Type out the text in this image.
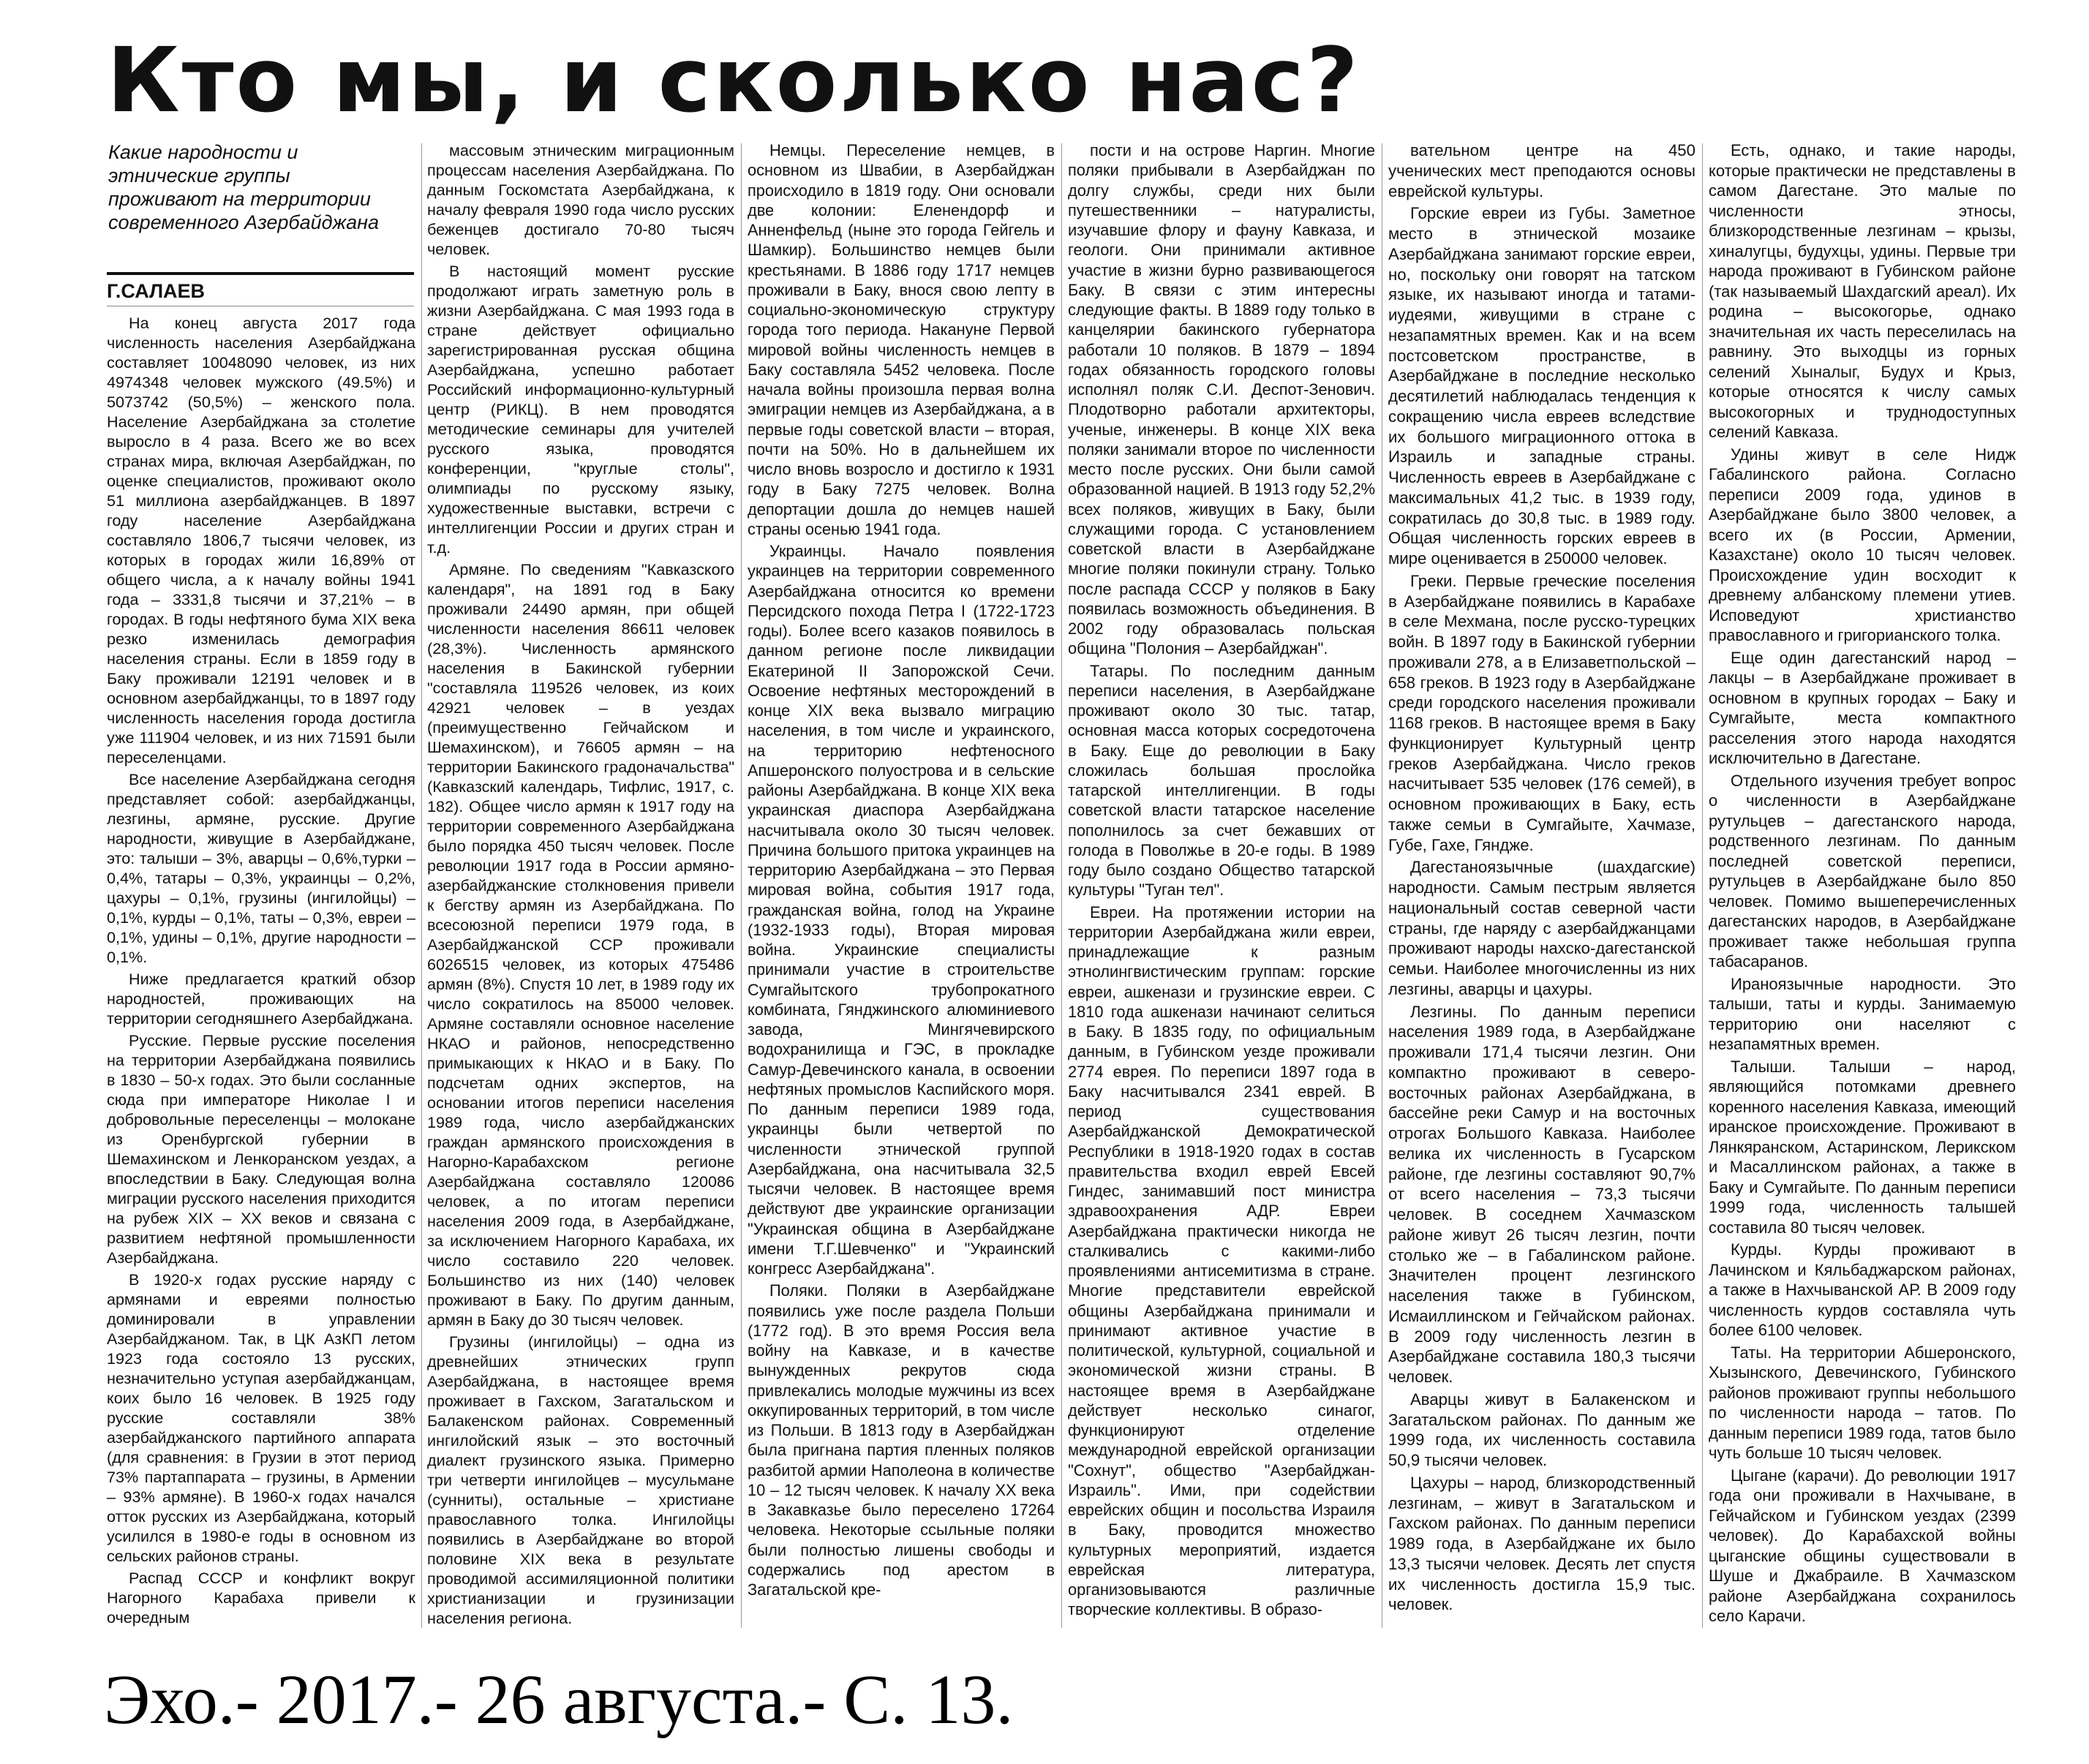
Кто мы, и сколько нас?

Какие народности и

этнические группы

проживают на территории

современного Азербайджана

Г.САЛАЕВ

На конец августа 2017 года численность населения Азербайджана составляет 10048090 человек, из них 4974348 человек мужского (49.5%) и 5073742 (50,5%) – женского пола. Население Азербайджана за столетие выросло в 4 раза. Всего же во всех странах мира, включая Азербайджан, по оценке специалистов, проживают около 51 миллиона азербайджанцев. В 1897 году население Азербайджана составляло 1806,7 тысячи человек, из которых в городах жили 16,89% от общего числа, а к началу войны 1941 года – 3331,8 тысячи и 37,21% – в городах. В годы нефтяного бума XIX века резко изменилась демография населения страны. Если в 1859 году в Баку проживали 12191 человек и в основном азербайджанцы, то в 1897 году численность населения города достигла уже 111904 человек, и из них 71591 были переселенцами.

Все население Азербайджана сегодня представляет собой: азербайджанцы, лезгины, армяне, русские. Другие народности, живущие в Азербайджане, это: талыши – 3%, аварцы – 0,6%,турки – 0,4%, татары – 0,3%, украинцы – 0,2%, цахуры – 0,1%, грузины (ингилойцы) – 0,1%, курды – 0,1%, таты – 0,3%, евреи – 0,1%, удины – 0,1%, другие народности – 0,1%.

Ниже предлагается краткий обзор народностей, проживающих на территории сегодняшнего Азербайджана.

Русские. Первые русские поселения на территории Азербайджана появились в 1830 – 50-х годах. Это были сосланные сюда при императоре Николае I и добровольные переселенцы – молокане из Оренбургской губернии в Шемахинском и Ленкоранском уездах, а впоследствии в Баку. Следующая волна миграции русского населения приходится на рубеж XIX – XX веков и связана с развитием нефтяной промышленности Азербайджана.

В 1920-х годах русские наряду с армянами и евреями полностью доминировали в управлении Азербайджаном. Так, в ЦК АзКП летом 1923 года состояло 13 русских, незначительно уступая азербайджанцам, коих было 16 человек. В 1925 году русские составляли 38% азербайджанского партийного аппарата (для сравнения: в Грузии в этот период 73% партаппарата – грузины, в Армении – 93% армяне). В 1960-х годах начался отток русских из Азербайджана, который усилился в 1980-е годы в основном из сельских районов страны.

Распад СССР и конфликт вокруг Нагорного Карабаха привели к очередным

массовым этническим миграционным процессам населения Азербайджана. По данным Госкомстата Азербайджана, к началу февраля 1990 года число русских беженцев достигало 70-80 тысяч человек.

В настоящий момент русские продолжают играть заметную роль в жизни Азербайджана. С мая 1993 года в стране действует официально зарегистрированная русская община Азербайджана, успешно работает Российский информационно-культурный центр (РИКЦ). В нем проводятся методические семинары для учителей русского языка, проводятся конференции, "круглые столы", олимпиады по русскому языку, художественные выставки, встречи с интеллигенции России и других стран и т.д.

Армяне. По сведениям "Кавказского календаря", на 1891 год в Баку проживали 24490 армян, при общей численности населения 86611 человек (28,3%). Численность армянского населения в Бакинской губернии "составляла 119526 человек, из коих 42921 человек – в уездах (преимущественно Гейчайском и Шемахинском), и 76605 армян – на территории Бакинского градоначальства" (Кавказский календарь, Тифлис, 1917, с. 182). Общее число армян к 1917 году на территории современного Азербайджана было порядка 450 тысяч человек. После революции 1917 года в России армяно-азербайджанские столкновения привели к бегству армян из Азербайджана. По всесоюзной переписи 1979 года, в Азербайджанской ССР проживали 6026515 человек, из которых 475486 армян (8%). Спустя 10 лет, в 1989 году их число сократилось на 85000 человек. Армяне составляли основное население НКАО и районов, непосредственно примыкающих к НКАО и в Баку. По подсчетам одних экспертов, на основании итогов переписи населения 1989 года, число азербайджанских граждан армянского происхождения в Нагорно-Карабахском регионе Азербайджана составляло 120086 человек, а по итогам переписи населения 2009 года, в Азербайджане, за исключением Нагорного Карабаха, их число составило 220 человек. Большинство из них (140) человек проживают в Баку. По другим данным, армян в Баку до 30 тысяч человек.

Грузины (ингилойцы) – одна из древнейших этнических групп Азербайджана, в настоящее время проживает в Гахском, Загатальском и Балакенском районах. Современный ингилойский язык – это восточный диалект грузинского языка. Примерно три четверти ингилойцев – мусульмане (сунниты), остальные – христиане православного толка. Ингилойцы появились в Азербайджане во второй половине XIX века в результате проводимой ассимиляционной политики христианизации и грузинизации населения региона.

Немцы. Переселение немцев, в основном из Швабии, в Азербайджан происходило в 1819 году. Они основали две колонии: Еленендорф и Анненфельд (ныне это города Гейгель и Шамкир). Большинство немцев были крестьянами. В 1886 году 1717 немцев проживали в Баку, внося свою лепту в социально-экономическую структуру города того периода. Накануне Первой мировой войны численность немцев в Баку составляла 5452 человека. После начала войны произошла первая волна эмиграции немцев из Азербайджана, а в первые годы советской власти – вторая, почти на 50%. Но в дальнейшем их число вновь возросло и достигло к 1931 году в Баку 7275 человек. Волна депортации дошла до немцев нашей страны осенью 1941 года.

Украинцы. Начало появления украинцев на территории современного Азербайджана относится ко времени Персидского похода Петра I (1722-1723 годы). Более всего казаков появилось в данном регионе после ликвидации Екатериной II Запорожской Сечи. Освоение нефтяных месторождений в конце XIX века вызвало миграцию населения, в том числе и украинского, на территорию нефтеносного Апшеронского полуострова и в сельские районы Азербайджана. В конце XIX века украинская диаспора Азербайджана насчитывала около 30 тысяч человек. Причина большого притока украинцев на территорию Азербайджана – это Первая мировая война, события 1917 года, гражданская война, голод на Украине (1932-1933 годы), Вторая мировая война. Украинские специалисты принимали участие в строительстве Сумгайытского трубопрокатного комбината, Гянджинского алюминиевого завода, Мингячевирского водохранилища и ГЭС, в прокладке Самур-Девечинского канала, в освоении нефтяных промыслов Каспийского моря. По данным переписи 1989 года, украинцы были четвертой по численности этнической группой Азербайджана, она насчитывала 32,5 тысячи человек. В настоящее время действуют две украинские организации "Украинская община в Азербайджане имени Т.Г.Шевченко" и "Украинский конгресс Азербайджана".

Поляки. Поляки в Азербайджане появились уже после раздела Польши (1772 год). В это время Россия вела войну на Кавказе, и в качестве вынужденных рекрутов сюда привлекались молодые мужчины из всех оккупированных территорий, в том числе из Польши. В 1813 году в Азербайджан была пригнана партия пленных поляков разбитой армии Наполеона в количестве 10 – 12 тысяч человек. К началу XX века в Закавказье было переселено 17264 человека. Некоторые ссыльные поляки были полностью лишены свободы и содержались под арестом в Загатальской кре-

пости и на острове Наргин. Многие поляки прибывали в Азербайджан по долгу службы, среди них были путешественники – натуралисты, изучавшие флору и фауну Кавказа, и геологи. Они принимали активное участие в жизни бурно развивающегося Баку. В связи с этим интересны следующие факты. В 1889 году только в канцелярии бакинского губернатора работали 10 поляков. В 1879 – 1894 годах обязанность городского головы исполнял поляк С.И. Деспот-Зенович. Плодотворно работали архитекторы, ученые, инженеры. В конце XIX века поляки занимали второе по численности место после русских. Они были самой образованной нацией. В 1913 году 52,2% всех поляков, живущих в Баку, были служащими города. С установлением советской власти в Азербайджане многие поляки покинули страну. Только после распада СССР у поляков в Баку появилась возможность объединения. В 2002 году образовалась польская община "Полония – Азербайджан".

Татары. По последним данным переписи населения, в Азербайджане проживают около 30 тыс. татар, основная масса которых сосредоточена в Баку. Еще до революции в Баку сложилась большая прослойка татарской интеллигенции. В годы советской власти татарское население пополнилось за счет бежавших от голода в Поволжье в 20-е годы. В 1989 году было создано Общество татарской культуры "Туган тел".

Евреи. На протяжении истории на территории Азербайджана жили евреи, принадлежащие к разным этнолингвистическим группам: горские евреи, ашкенази и грузинские евреи. С 1810 года ашкенази начинают селиться в Баку. В 1835 году, по официальным данным, в Губинском уезде проживали 2774 еврея. По переписи 1897 года в Баку насчитывался 2341 еврей. В период существования Азербайджанской Демократической Республики в 1918-1920 годах в состав правительства входил еврей Евсей Гиндес, занимавший пост министра здравоохранения АДР. Евреи Азербайджана практически никогда не сталкивались с какими-либо проявлениями антисемитизма в стране. Многие представители еврейской общины Азербайджана принимали и принимают активное участие в политической, культурной, социальной и экономической жизни страны. В настоящее время в Азербайджане действует несколько синагог, функционируют отделение международной еврейской организации "Сохнут", общество "Азербайджан-Израиль". Ими, при содействии еврейских общин и посольства Израиля в Баку, проводится множество культурных мероприятий, издается еврейская литература, организовываются различные творческие коллективы. В образо-

вательном центре на 450 ученических мест преподаются основы еврейской культуры.

Горские евреи из Губы. Заметное место в этнической мозаике Азербайджана занимают горские евреи, но, поскольку они говорят на татском языке, их называют иногда и татами-иудеями, живущими в стране с незапамятных времен. Как и на всем постсоветском пространстве, в Азербайджане в последние несколько десятилетий наблюдалась тенденция к сокращению числа евреев вследствие их большого миграционного оттока в Израиль и западные страны. Численность евреев в Азербайджане с максимальных 41,2 тыс. в 1939 году, сократилась до 30,8 тыс. в 1989 году. Общая численность горских евреев в мире оценивается в 250000 человек.

Греки. Первые греческие поселения в Азербайджане появились в Карабахе в селе Мехмана, после русско-турецких войн. В 1897 году в Бакинской губернии проживали 278, а в Елизаветпольской – 658 греков. В 1923 году в Азербайджане среди городского населения проживали 1168 греков. В настоящее время в Баку функционирует Культурный центр греков Азербайджана. Число греков насчитывает 535 человек (176 семей), в основном проживающих в Баку, есть также семьи в Сумгайыте, Хачмазе, Губе, Гахе, Гяндже.

Дагестаноязычные (шахдагские) народности. Самым пестрым является национальный состав северной части страны, где наряду с азербайджанцами проживают народы нахско-дагестанской семьи. Наиболее многочисленны из них лезгины, аварцы и цахуры.

Лезгины. По данным переписи населения 1989 года, в Азербайджане проживали 171,4 тысячи лезгин. Они компактно проживают в северо-восточных районах Азербайджана, в бассейне реки Самур и на восточных отрогах Большого Кавказа. Наиболее велика их численность в Гусарском районе, где лезгины составляют 90,7% от всего населения – 73,3 тысячи человек. В соседнем Хачмазском районе живут 26 тысяч лезгин, почти столько же – в Габалинском районе. Значителен процент лезгинского населения также в Губинском, Исмаиллинском и Гейчайском районах. В 2009 году численность лезгин в Азербайджане составила 180,3 тысячи человек.

Аварцы живут в Балакенском и Загатальском районах. По данным же 1999 года, их численность составила 50,9 тысячи человек.

Цахуры – народ, близкородственный лезгинам, – живут в Загатальском и Гахском районах. По данным переписи 1989 года, в Азербайджане их было 13,3 тысячи человек. Десять лет спустя их численность достигла 15,9 тыс. человек.

Есть, однако, и такие народы, которые практически не представлены в самом Дагестане. Это малые по численности этносы, близкородственные лезгинам – крызы, хиналугцы, будухцы, удины. Первые три народа проживают в Губинском районе (так называемый Шахдагский ареал). Их родина – высокогорье, однако значительная их часть переселилась на равнину. Это выходцы из горных селений Хыналыг, Будух и Крыз, которые относятся к числу самых высокогорных и труднодоступных селений Кавказа.

Удины живут в селе Нидж Габалинского района. Согласно переписи 2009 года, удинов в Азербайджане было 3800 человек, а всего их (в России, Армении, Казахстане) около 10 тысяч человек. Происхождение удин восходит к древнему албанскому племени утиев. Исповедуют христианство православного и григорианского толка.

Еще один дагестанский народ – лакцы – в Азербайджане проживает в основном в крупных городах – Баку и Сумгайыте, места компактного расселения этого народа находятся исключительно в Дагестане.

Отдельного изучения требует вопрос о численности в Азербайджане рутульцев – дагестанского народа, родственного лезгинам. По данным последней советской переписи, рутульцев в Азербайджане было 850 человек. Помимо вышеперечисленных дагестанских народов, в Азербайджане проживает также небольшая группа табасаранов.

Ираноязычные народности. Это талыши, таты и курды. Занимаемую территорию они населяют с незапамятных времен.

Талыши. Талыши – народ, являющийся потомками древнего коренного населения Кавказа, имеющий иранское происхождение. Проживают в Лянкяранском, Астаринском, Лерикском и Масаллинском районах, а также в Баку и Сумгайыте. По данным переписи 1999 года, численность талышей составила 80 тысяч человек.

Курды. Курды проживают в Лачинском и Кяльбаджарском районах, а также в Нахчыванской АР. В 2009 году численность курдов составляла чуть более 6100 человек.

Таты. На территории Абшеронского, Хызынского, Девечинского, Губинского районов проживают группы небольшого по численности народа – татов. По данным переписи 1989 года, татов было чуть больше 10 тысяч человек.

Цыгане (карачи). До революции 1917 года они проживали в Нахчыване, в Гейчайском и Губинском уездах (2399 человек). До Карабахской войны цыганские общины существовали в Шуше и Джабраиле. В Хачмазском районе Азербайджана сохранилось село Карачи.

Эхо.- 2017.- 26 августа.- С. 13.
